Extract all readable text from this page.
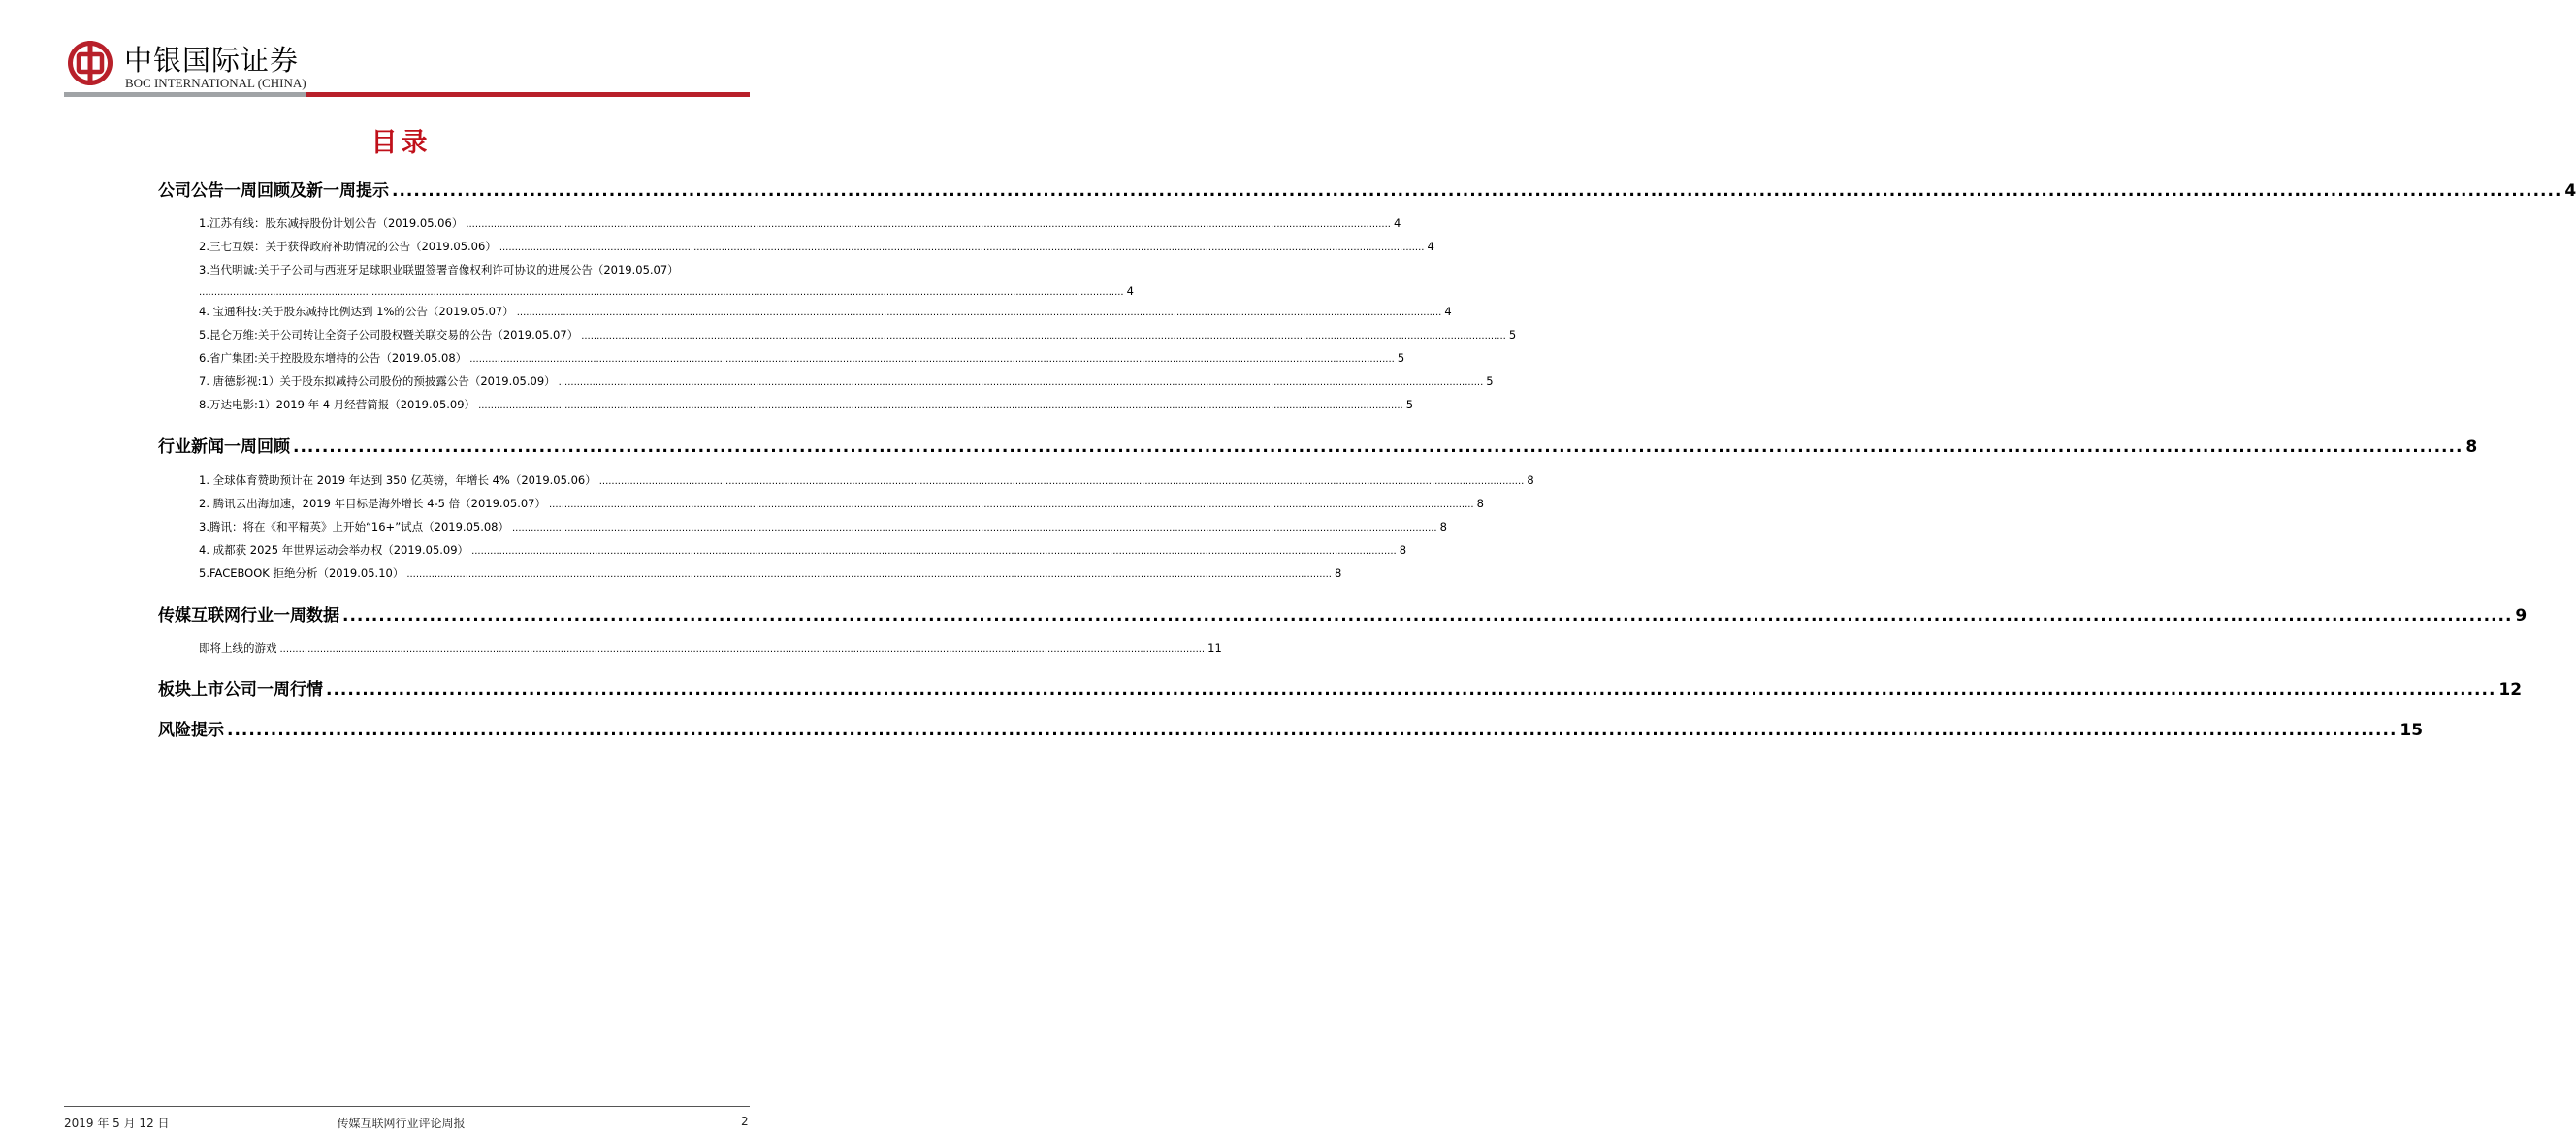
中银国际证券
BOC INTERNATIONAL (CHINA)
目录
公司公告一周回顾及新一周提示 ............................................................................................................................................................................................................................................................................................................ 4
1.江苏有线：股东减持股份计划公告（2019.05.06） ............................................................................................................................................................................................................................................................................................................ 4
2.三七互娱：关于获得政府补助情况的公告（2019.05.06） ............................................................................................................................................................................................................................................................................................................ 4
3.当代明诚:关于子公司与西班牙足球职业联盟签署音像权利许可协议的进展公告（2019.05.07）
............................................................................................................................................................................................................................................................................................................ 4
4. 宝通科技:关于股东减持比例达到 1%的公告（2019.05.07） ............................................................................................................................................................................................................................................................................................................ 4
5.昆仑万维:关于公司转让全资子公司股权暨关联交易的公告（2019.05.07） ............................................................................................................................................................................................................................................................................................................ 5
6.省广集团:关于控股股东增持的公告（2019.05.08） ............................................................................................................................................................................................................................................................................................................ 5
7. 唐德影视:1）关于股东拟减持公司股份的预披露公告（2019.05.09） ............................................................................................................................................................................................................................................................................................................ 5
8.万达电影:1）2019 年 4 月经营简报（2019.05.09） ............................................................................................................................................................................................................................................................................................................ 5
行业新闻一周回顾 ............................................................................................................................................................................................................................................................................................................ 8
1. 全球体育赞助预计在 2019 年达到 350 亿英镑，年增长 4%（2019.05.06） ............................................................................................................................................................................................................................................................................................................ 8
2. 腾讯云出海加速，2019 年目标是海外增长 4-5 倍（2019.05.07） ............................................................................................................................................................................................................................................................................................................ 8
3.腾讯：将在《和平精英》上开始“16+”试点（2019.05.08） ............................................................................................................................................................................................................................................................................................................ 8
4. 成都获 2025 年世界运动会举办权（2019.05.09） ............................................................................................................................................................................................................................................................................................................ 8
5.FACEBOOK 拒绝分析（2019.05.10） ............................................................................................................................................................................................................................................................................................................ 8
传媒互联网行业一周数据 ............................................................................................................................................................................................................................................................................................................ 9
即将上线的游戏 ............................................................................................................................................................................................................................................................................................................ 11
板块上市公司一周行情 ............................................................................................................................................................................................................................................................................................................ 12
风险提示 ............................................................................................................................................................................................................................................................................................................ 15
2019 年 5 月 12 日	传媒互联网行业评论周报	2
